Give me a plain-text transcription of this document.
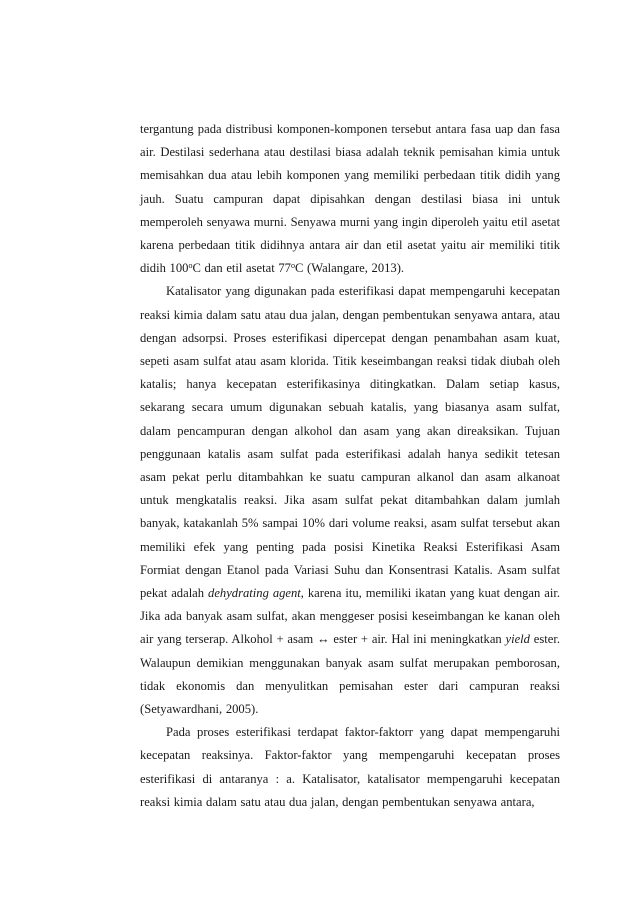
tergantung pada distribusi komponen-komponen tersebut antara fasa uap dan fasa air. Destilasi sederhana atau destilasi biasa adalah teknik pemisahan kimia untuk memisahkan dua atau lebih komponen yang memiliki perbedaan titik didih yang jauh. Suatu campuran dapat dipisahkan dengan destilasi biasa ini untuk memperoleh senyawa murni. Senyawa murni yang ingin diperoleh yaitu etil asetat karena perbedaan titik didihnya antara air dan etil asetat yaitu air memiliki titik didih 100$^o$C dan etil asetat 77$^o$C (Walangare, 2013).

Katalisator yang digunakan pada esterifikasi dapat mempengaruhi kecepatan reaksi kimia dalam satu atau dua jalan, dengan pembentukan senyawa antara, atau dengan adsorpsi. Proses esterifikasi dipercepat dengan penambahan asam kuat, sepeti asam sulfat atau asam klorida. Titik keseimbangan reaksi tidak diubah oleh katalis; hanya kecepatan esterifikasinya ditingkatkan. Dalam setiap kasus, sekarang secara umum digunakan sebuah katalis, yang biasanya asam sulfat, dalam pencampuran dengan alkohol dan asam yang akan direaksikan. Tujuan penggunaan katalis asam sulfat pada esterifikasi adalah hanya sedikit tetesan asam pekat perlu ditambahkan ke suatu campuran alkanol dan asam alkanoat untuk mengkatalis reaksi. Jika asam sulfat pekat ditambahkan dalam jumlah banyak, katakanlah 5% sampai 10% dari volume reaksi, asam sulfat tersebut akan memiliki efek yang penting pada posisi Kinetika Reaksi Esterifikasi Asam Formiat dengan Etanol pada Variasi Suhu dan Konsentrasi Katalis. Asam sulfat pekat adalah dehydrating agent, karena itu, memiliki ikatan yang kuat dengan air. Jika ada banyak asam sulfat, akan menggeser posisi keseimbangan ke kanan oleh air yang terserap. Alkohol + asam ↔ ester + air. Hal ini meningkatkan yield ester. Walaupun demikian menggunakan banyak asam sulfat merupakan pemborosan, tidak ekonomis dan menyulitkan pemisahan ester dari campuran reaksi (Setyawardhani, 2005).

Pada proses esterifikasi terdapat faktor-faktorr yang dapat mempengaruhi kecepatan reaksinya. Faktor-faktor yang mempengaruhi kecepatan proses esterifikasi di antaranya : a. Katalisator, katalisator mempengaruhi kecepatan reaksi kimia dalam satu atau dua jalan, dengan pembentukan senyawa antara,
